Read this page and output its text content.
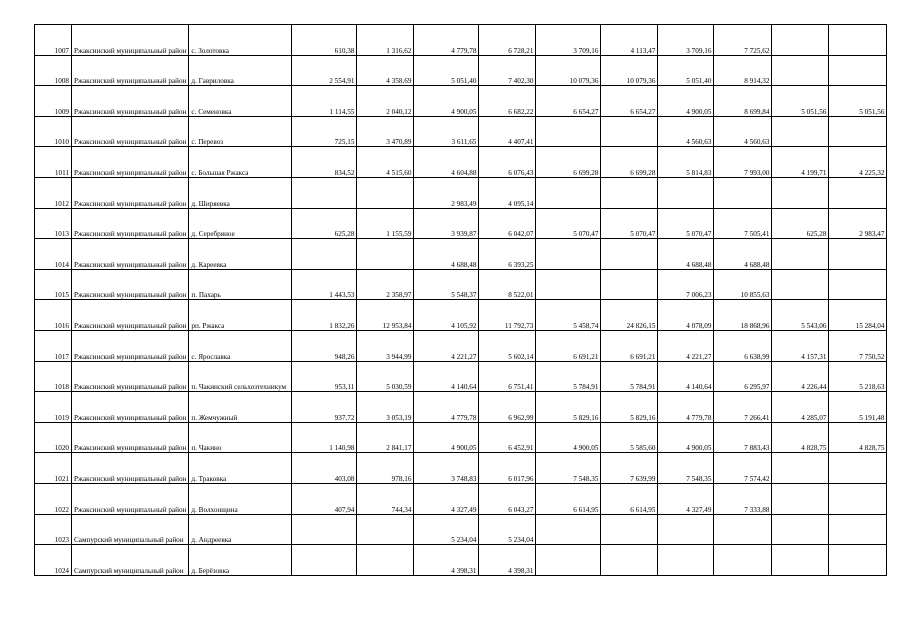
1007	Ржаксинский муниципальный район	с. Золотовка	610,38	1 316,62	4 779,78	6 728,21	3 709,16	4 113,47	3 709,16	7 725,62		
1008	Ржаксинский муниципальный район	д. Гавриловка	2 554,91	4 358,69	5 051,40	7 402,30	10 079,36	10 079,36	5 051,40	8 914,32		
1009	Ржаксинский муниципальный район	с. Семеновка	1 114,55	2 040,12	4 900,05	6 682,22	6 654,27	6 654,27	4 900,05	8 699,84	5 051,56	5 051,56
1010	Ржаксинский муниципальный район	с. Перевоз	725,15	3 470,89	3 611,65	4 407,41			4 560,63	4 560,63		
1011	Ржаксинский муниципальный район	с. Большая Ржакса	834,52	4 515,60	4 604,88	6 076,43	6 699,28	6 699,28	5 814,83	7 993,00	4 199,71	4 225,32
1012	Ржаксинский муниципальный район	д. Ширяевка			2 983,49	4 095,14						
1013	Ржаксинский муниципальный район	д. Серебряное	625,28	1 155,59	3 939,87	6 042,07	5 070,47	5 070,47	5 070,47	7 505,41	625,28	2 983,47
1014	Ржаксинский муниципальный район	д. Кареевка			4 688,48	6 393,25			4 688,48	4 688,48		
1015	Ржаксинский муниципальный район	п. Пахарь	1 443,53	2 358,97	5 548,37	8 522,01			7 006,23	10 855,63		
1016	Ржаксинский муниципальный район	рп. Ржакса	1 832,26	12 953,84	4 105,92	11 792,73	5 458,74	24 826,15	4 078,09	18 868,96	5 543,06	15 284,04
1017	Ржаксинский муниципальный район	с. Ярославка	948,26	3 944,99	4 221,27	5 602,14	6 691,21	6 691,21	4 221,27	6 638,99	4 157,31	7 750,52
1018	Ржаксинский муниципальный район	п. Чакинский сельхозтехникум	953,11	5 030,59	4 140,64	6 751,41	5 784,91	5 784,91	4 140,64	6 295,97	4 226,44	5 218,63
1019	Ржаксинский муниципальный район	п. Жемчужный	937,72	3 053,19	4 779,78	6 962,99	5 829,16	5 829,16	4 779,78	7 266,41	4 285,07	5 191,48
1020	Ржаксинский муниципальный район	п. Чакино	1 140,98	2 841,17	4 900,05	6 452,91	4 900,05	5 585,60	4 900,05	7 883,43	4 828,75	4 828,75
1021	Ржаксинский муниципальный район	д. Траковка	403,08	978,16	3 748,83	6 017,96	7 548,35	7 639,99	7 548,35	7 574,42		
1022	Ржаксинский муниципальный район	д. Волхонщина	407,94	744,34	4 327,49	6 043,27	6 614,95	6 614,95	4 327,49	7 333,88		
1023	Сампурский муниципальный район	д. Андреевка			5 234,04	5 234,04						
1024	Сампурский муниципальный район	д. Берёзовка			4 398,31	4 398,31						
